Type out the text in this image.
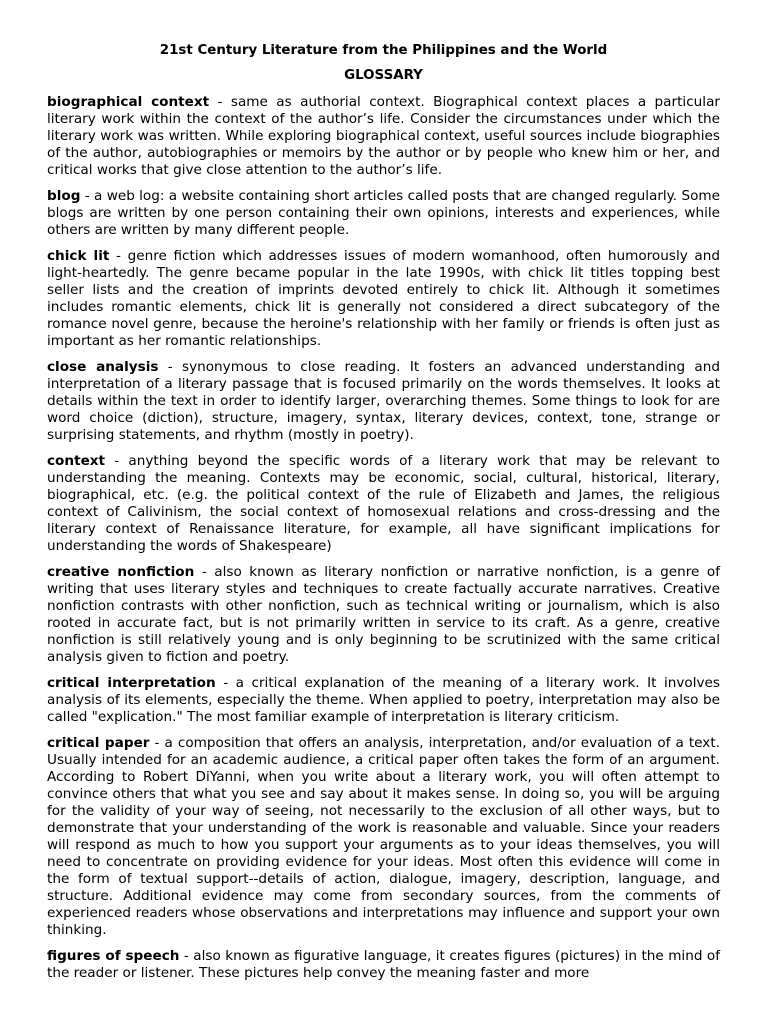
21st Century Literature from the Philippines and the World
GLOSSARY

biographical context - same as authorial context. Biographical context places a particular literary work within the context of the author’s life. Consider the circumstances under which the literary work was written. While exploring biographical context, useful sources include biographies of the author, autobiographies or memoirs by the author or by people who knew him or her, and critical works that give close attention to the author’s life.

blog - a web log: a website containing short articles called posts that are changed regularly. Some blogs are written by one person containing their own opinions, interests and experiences, while others are written by many different people.

chick lit - genre fiction which addresses issues of modern womanhood, often humorously and light-heartedly. The genre became popular in the late 1990s, with chick lit titles topping best seller lists and the creation of imprints devoted entirely to chick lit. Although it sometimes includes romantic elements, chick lit is generally not considered a direct subcategory of the romance novel genre, because the heroine's relationship with her family or friends is often just as important as her romantic relationships.

close analysis - synonymous to close reading. It fosters an advanced understanding and interpretation of a literary passage that is focused primarily on the words themselves. It looks at details within the text in order to identify larger, overarching themes. Some things to look for are word choice (diction), structure, imagery, syntax, literary devices, context, tone, strange or surprising statements, and rhythm (mostly in poetry).

context - anything beyond the specific words of a literary work that may be relevant to understanding the meaning. Contexts may be economic, social, cultural, historical, literary, biographical, etc. (e.g. the political context of the rule of Elizabeth and James, the religious context of Calivinism, the social context of homosexual relations and cross-dressing and the literary context of Renaissance literature, for example, all have significant implications for understanding the words of Shakespeare)

creative nonfiction - also known as literary nonfiction or narrative nonfiction, is a genre of writing that uses literary styles and techniques to create factually accurate narratives. Creative nonfiction contrasts with other nonfiction, such as technical writing or journalism, which is also rooted in accurate fact, but is not primarily written in service to its craft. As a genre, creative nonfiction is still relatively young and is only beginning to be scrutinized with the same critical analysis given to fiction and poetry.

critical interpretation - a critical explanation of the meaning of a literary work. It involves analysis of its elements, especially the theme. When applied to poetry, interpretation may also be called "explication." The most familiar example of interpretation is literary criticism.

critical paper - a composition that offers an analysis, interpretation, and/or evaluation of a text. Usually intended for an academic audience, a critical paper often takes the form of an argument. According to Robert DiYanni, when you write about a literary work, you will often attempt to convince others that what you see and say about it makes sense. In doing so, you will be arguing for the validity of your way of seeing, not necessarily to the exclusion of all other ways, but to demonstrate that your understanding of the work is reasonable and valuable. Since your readers will respond as much to how you support your arguments as to your ideas themselves, you will need to concentrate on providing evidence for your ideas. Most often this evidence will come in the form of textual support--details of action, dialogue, imagery, description, language, and structure. Additional evidence may come from secondary sources, from the comments of experienced readers whose observations and interpretations may influence and support your own thinking.

figures of speech - also known as figurative language, it creates figures (pictures) in the mind of the reader or listener. These pictures help convey the meaning faster and more
